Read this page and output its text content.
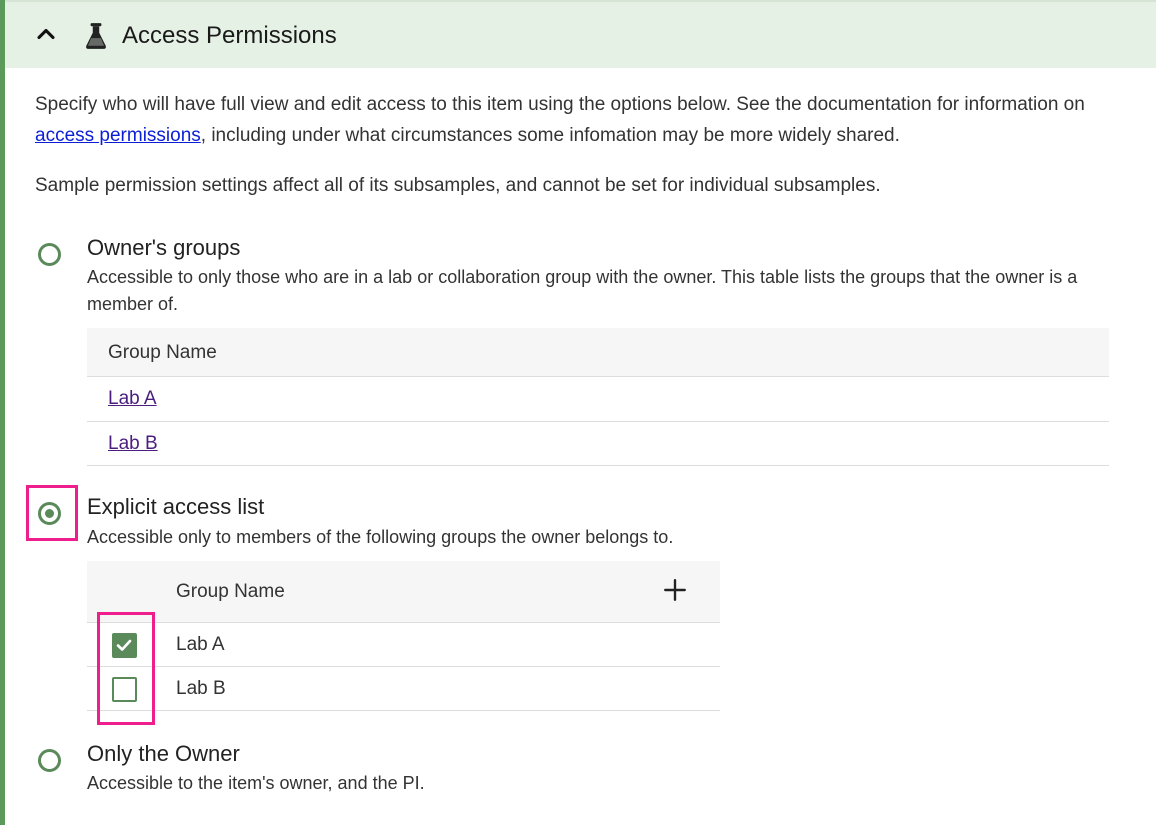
Access Permissions
Specify who will have full view and edit access to this item using the options below. See the documentation for information on access permissions, including under what circumstances some infomation may be more widely shared.
Sample permission settings affect all of its subsamples, and cannot be set for individual subsamples.
Owner's groups
Accessible to only those who are in a lab or collaboration group with the owner. This table lists the groups that the owner is a member of.
Group Name
Lab A
Lab B
Explicit access list
Accessible only to members of the following groups the owner belongs to.
Group Name
Lab A
Lab B
Only the Owner
Accessible to the item's owner, and the PI.
